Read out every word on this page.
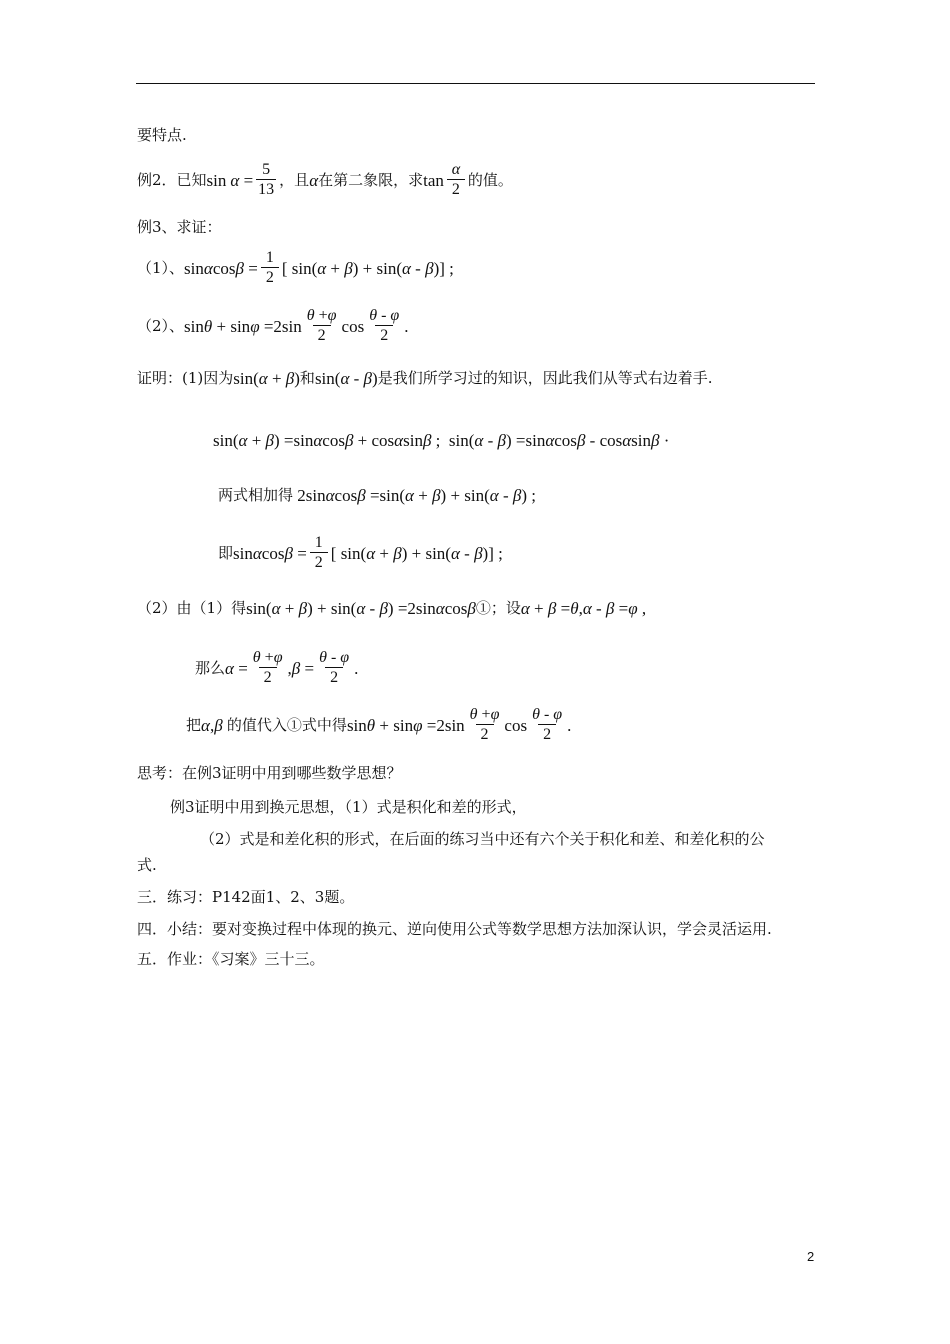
要特点.
例2．已知 $\sin \alpha = \frac{5}{13}$ ，且 α 在第二象限，求 $\tan \frac{\alpha}{2}$ 的值。
例3、求证：
（1）、 sin α $\cos \beta = \frac{1}{2}$ [ sin( α + β ) + sin( α - β )] ;
（2）、 $\sin \theta + \sin \varphi =2\sin \frac{\theta +\varphi}{2}$ $\cos \frac{\theta - \varphi}{2}$ .
证明：(1)因为 sin( α + β ) 和 sin( α - β ) 是我们所学习过的知识，因此我们从等式右边着手.
sin( α + β ) =sin α cos β + cos α sin β ;  sin( α - β ) =sin α cos β - cos α sin β ·
两式相加得 2sin α cos β =sin( α + β ) + sin( α - β ) ;
即 sin α $\cos \beta = \frac{1}{2}$ [ sin( α + β ) + sin( α - β )] ;
（2）由（1）得 sin( α + β ) + sin( α - β ) =2sin α cos β ①；设 α + β = θ , α - β = φ ,
那么 $\alpha = \frac{\theta +\varphi}{2}$ , $\beta = \frac{\theta - \varphi}{2}$ .
把 α , β
的值代入①式中得 $\sin \theta + \sin \varphi =2\sin \frac{\theta +\varphi}{2}$ $\cos \frac{\theta - \varphi}{2}$ .
思考：在例3证明中用到哪些数学思想？
例3证明中用到换元思想，（1）式是积化和差的形式，
（2）式是和差化积的形式，在后面的练习当中还有六个关于积化和差、和差化积的公
式.
三．练习：P142面1、2、3题。
四．小结：要对变换过程中体现的换元、逆向使用公式等数学思想方法加深认识，学会灵活运用.
五．作业：《习案》三十三。
2
